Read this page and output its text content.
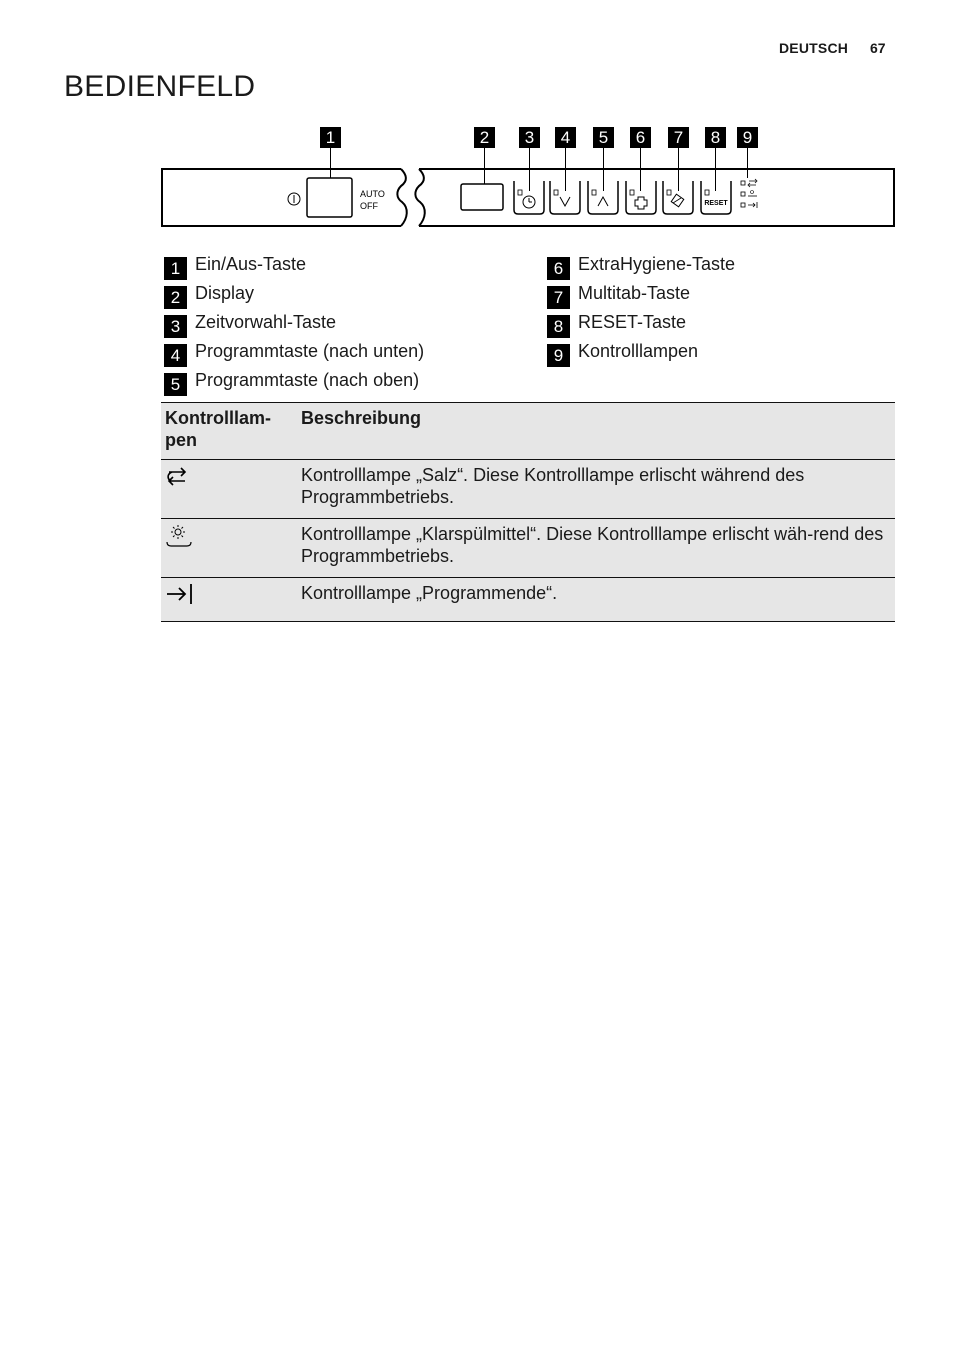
DEUTSCH 67
BEDIENFELD
1	2 3 4 5 6 7 8 9
AUTO
OFF	RESET
1 Ein/Aus-Taste
2 Display
3 Zeitvorwahl-Taste
4 Programmtaste (nach unten)
5 Programmtaste (nach oben)
6 ExtraHygiene-Taste
7 Multitab-Taste
8 RESET-Taste
9 Kontrolllampen
Kontrolllam-
pen	Beschreibung
	Kontrolllampe „Salz“. Diese Kontrolllampe erlischt während des Programmbetriebs.
	Kontrolllampe „Klarspülmittel“. Diese Kontrolllampe erlischt wäh-rend des Programmbetriebs.
	Kontrolllampe „Programmende“.
